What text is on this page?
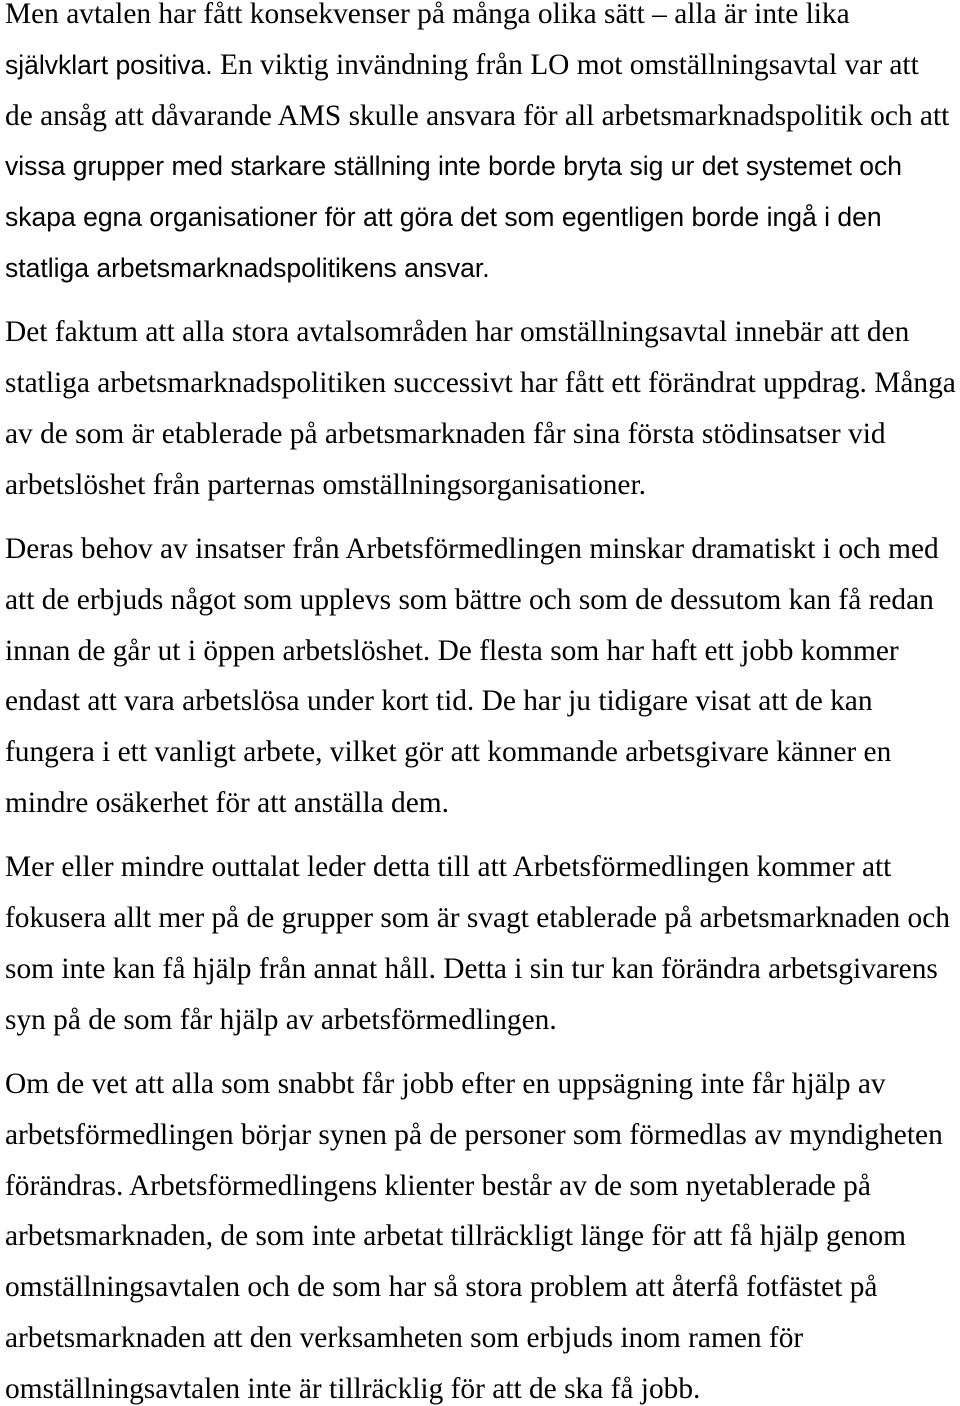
Men avtalen har fått konsekvenser på många olika sätt – alla är inte lika
självklart positiva. En viktig invändning från LO mot omställningsavtal var att
de ansåg att dåvarande AMS skulle ansvara för all arbetsmarknadspolitik och att
vissa grupper med starkare ställning inte borde bryta sig ur det systemet och
skapa egna organisationer för att göra det som egentligen borde ingå i den
statliga arbetsmarknadspolitikens ansvar.
Det faktum att alla stora avtalsområden har omställningsavtal innebär att den
statliga arbetsmarknadspolitiken successivt har fått ett förändrat uppdrag. Många
av de som är etablerade på arbetsmarknaden får sina första stödinsatser vid
arbetslöshet från parternas omställningsorganisationer.
Deras behov av insatser från Arbetsförmedlingen minskar dramatiskt i och med
att de erbjuds något som upplevs som bättre och som de dessutom kan få redan
innan de går ut i öppen arbetslöshet. De flesta som har haft ett jobb kommer
endast att vara arbetslösa under kort tid. De har ju tidigare visat att de kan
fungera i ett vanligt arbete, vilket gör att kommande arbetsgivare känner en
mindre osäkerhet för att anställa dem.
Mer eller mindre outtalat leder detta till att Arbetsförmedlingen kommer att
fokusera allt mer på de grupper som är svagt etablerade på arbetsmarknaden och
som inte kan få hjälp från annat håll. Detta i sin tur kan förändra arbetsgivarens
syn på de som får hjälp av arbetsförmedlingen.
Om de vet att alla som snabbt får jobb efter en uppsägning inte får hjälp av
arbetsförmedlingen börjar synen på de personer som förmedlas av myndigheten
förändras. Arbetsförmedlingens klienter består av de som nyetablerade på
arbetsmarknaden, de som inte arbetat tillräckligt länge för att få hjälp genom
omställningsavtalen och de som har så stora problem att återfå fotfästet på
arbetsmarknaden att den verksamheten som erbjuds inom ramen för
omställningsavtalen inte är tillräcklig för att de ska få jobb.
